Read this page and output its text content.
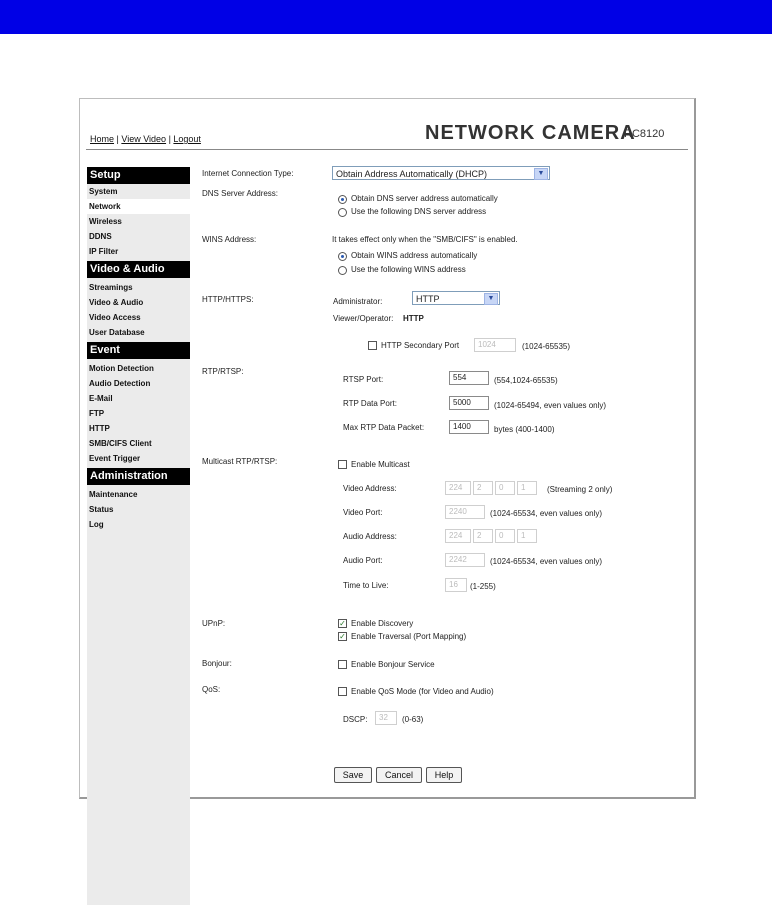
Home | View Video | Logout	NETWORK CAMERA
RC8120
Setup
System
Network
Wireless
DDNS
IP Filter
Video & Audio
Streamings
Video & Audio
Video Access
User Database
Event
Motion Detection
Audio Detection
E-Mail
FTP
HTTP
SMB/CIFS Client
Event Trigger
Administration
Maintenance
Status
Log
Internet Connection Type:	Obtain Address Automatically (DHCP)	▼
DNS Server Address:
Obtain DNS server address automatically
Use the following DNS server address
WINS Address:	It takes effect only when the "SMB/CIFS" is enabled.
Obtain WINS address automatically
Use the following WINS address
HTTP/HTTPS:	Administrator:	HTTP	▼
Viewer/Operator: HTTP
HTTP Secondary Port	1024	(1024-65535)
RTP/RTSP:
RTSP Port:	554	(554,1024-65535)
RTP Data Port:	5000	(1024-65494, even values only)
Max RTP Data Packet:	1400	bytes (400-1400)
Multicast RTP/RTSP:	Enable Multicast
Video Address:	224	2	0	1	(Streaming 2 only)
Video Port:	2240	(1024-65534, even values only)
Audio Address:	224	2	0	1
Audio Port:	2242	(1024-65534, even values only)
Time to Live:	16	(1-255)
UPnP:	✓ Enable Discovery
✓ Enable Traversal (Port Mapping)
Bonjour:	Enable Bonjour Service
QoS:	Enable QoS Mode (for Video and Audio)
DSCP:	32	(0-63)
Save	Cancel	Help
